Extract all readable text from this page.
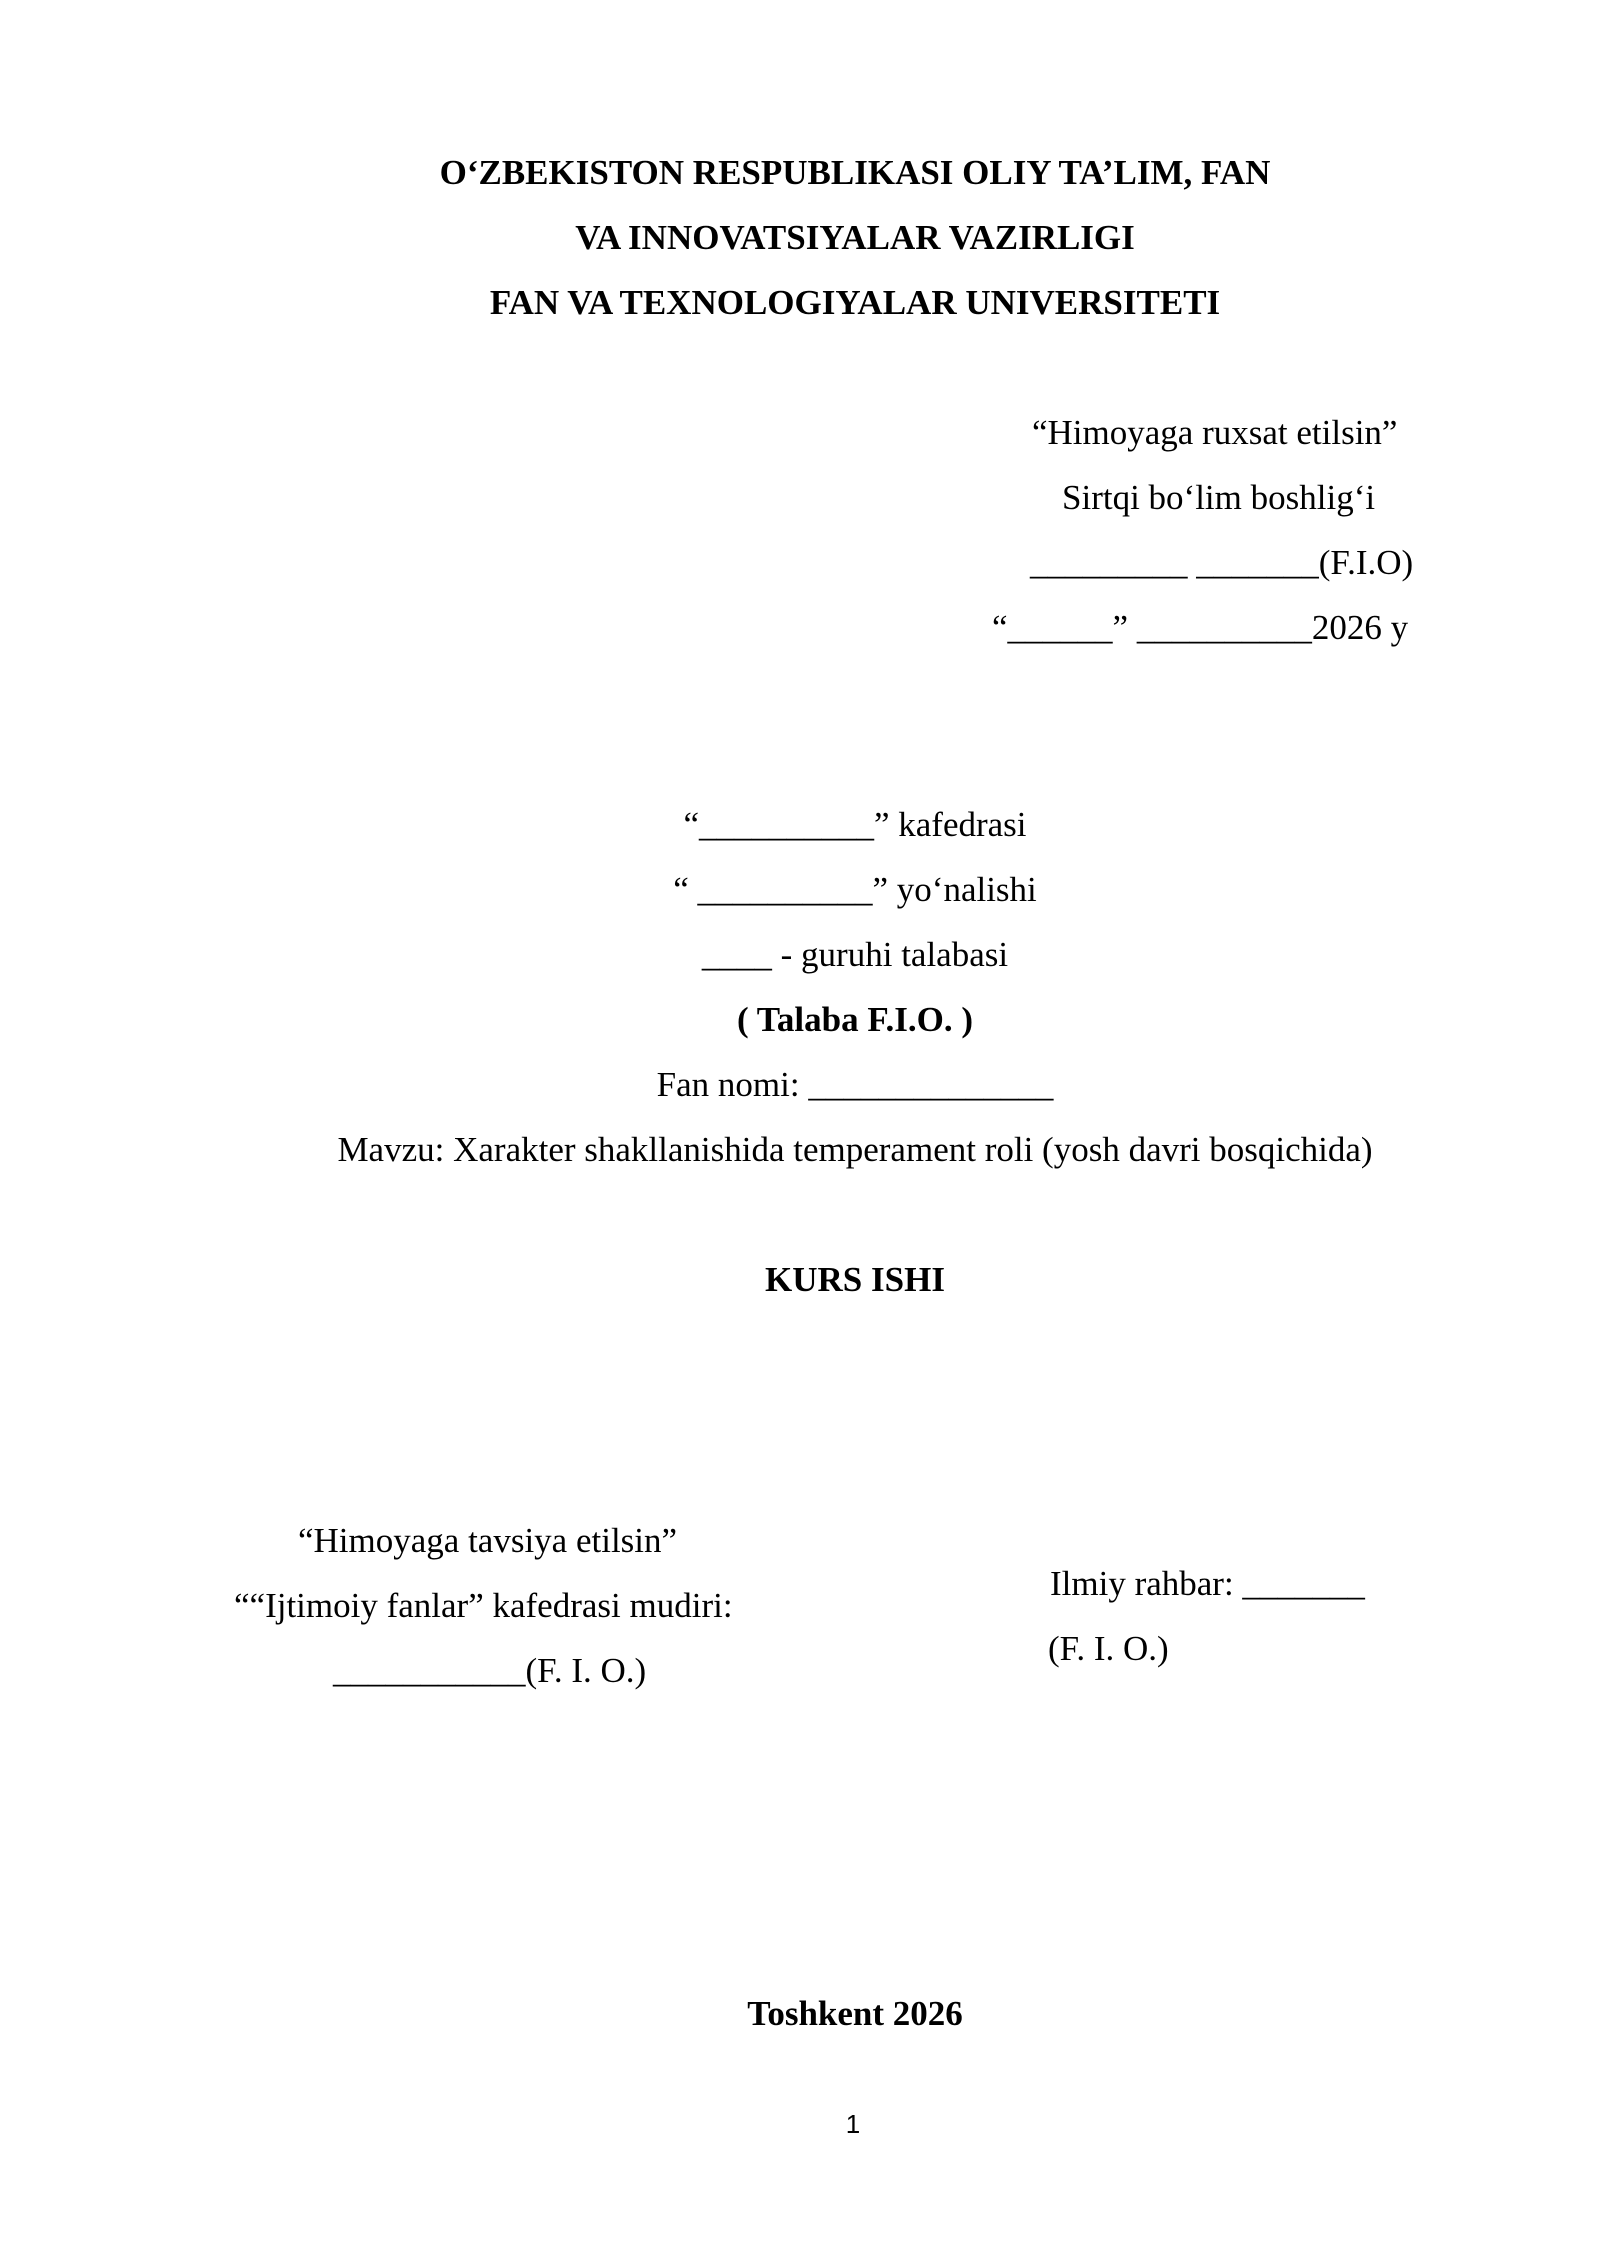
O‘ZBEKISTON RESPUBLIKASI OLIY TA’LIM, FAN
VA INNOVATSIYALAR VAZIRLIGI
FAN VA TEXNOLOGIYALAR UNIVERSITETI
“Himoyaga ruxsat etilsin”
Sirtqi bo‘lim boshlig‘i
_________ _______(F.I.O)
“______” __________2026 y
“__________” kafedrasi
“ __________” yo‘nalishi
____ - guruhi talabasi
( Talaba F.I.O. )
Fan nomi: ______________
Mavzu: Xarakter shakllanishida temperament roli (yosh davri bosqichida)
KURS ISHI
“Himoyaga tavsiya etilsin”
““Ijtimoiy fanlar” kafedrasi mudiri:
___________(F. I. O.)
Ilmiy rahbar: _______
(F. I. O.)
Toshkent 2026
1
